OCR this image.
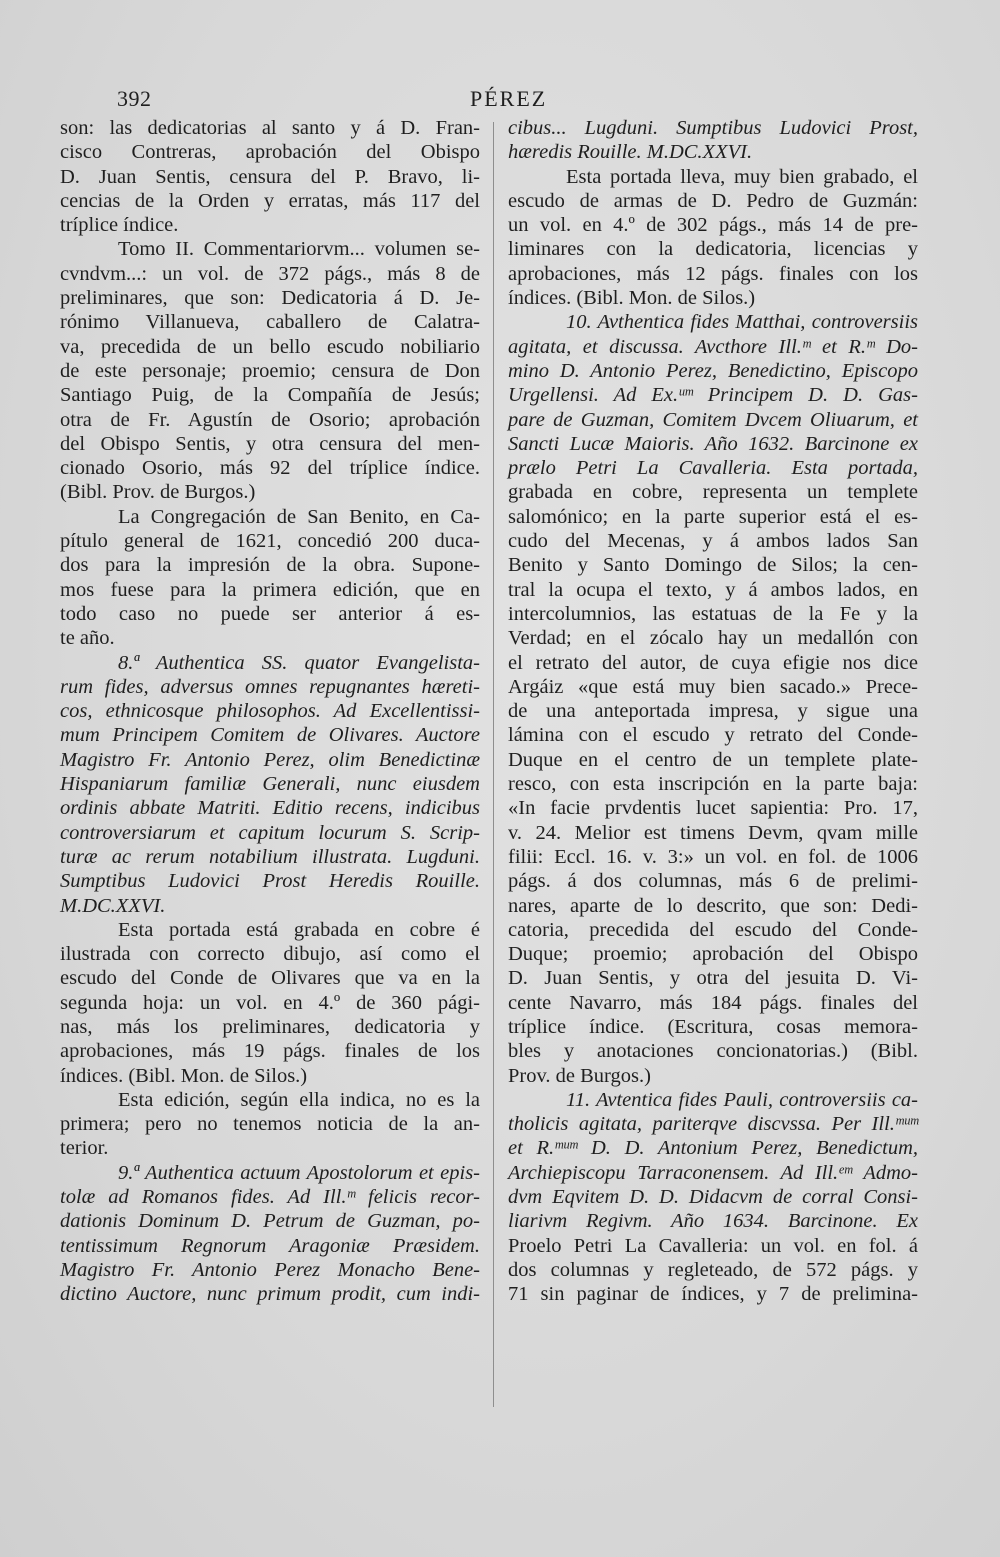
392	PÉREZ
son: las dedicatorias al santo y á D. Fran-
cisco Contreras, aprobación del Obispo
D. Juan Sentis, censura del P. Bravo, li-
cencias de la Orden y erratas, más 117 del
tríplice índice.
Tomo II. Commentariorvm... volumen se-
cvndvm...: un vol. de 372 págs., más 8 de
preliminares, que son: Dedicatoria á D. Je-
rónimo Villanueva, caballero de Calatra-
va, precedida de un bello escudo nobiliario
de este personaje; proemio; censura de Don
Santiago Puig, de la Compañía de Jesús;
otra de Fr. Agustín de Osorio; aprobación
del Obispo Sentis, y otra censura del men-
cionado Osorio, más 92 del tríplice índice.
(Bibl. Prov. de Burgos.)
La Congregación de San Benito, en Ca-
pítulo general de 1621, concedió 200 duca-
dos para la impresión de la obra. Supone-
mos fuese para la primera edición, que en
todo caso no puede ser anterior á es-
te año.
8.ª Authentica SS. quator Evangelista-
rum fides, adversus omnes repugnantes hæreti-
cos, ethnicosque philosophos. Ad Excellentissi-
mum Principem Comitem de Olivares. Auctore
Magistro Fr. Antonio Perez, olim Benedictinæ
Hispaniarum familiæ Generali, nunc eiusdem
ordinis abbate Matriti. Editio recens, indicibus
controversiarum et capitum locurum S. Scrip-
turæ ac rerum notabilium illustrata. Lugduni.
Sumptibus Ludovici Prost Heredis Rouille.
M.DC.XXVI.
Esta portada está grabada en cobre é
ilustrada con correcto dibujo, así como el
escudo del Conde de Olivares que va en la
segunda hoja: un vol. en 4.º de 360 pági-
nas, más los preliminares, dedicatoria y
aprobaciones, más 19 págs. finales de los
índices. (Bibl. Mon. de Silos.)
Esta edición, según ella indica, no es la
primera; pero no tenemos noticia de la an-
terior.
9.ª Authentica actuum Apostolorum et epis-
tolæ ad Romanos fides. Ad Ill.ᵐ felicis recor-
dationis Dominum D. Petrum de Guzman, po-
tentissimum Regnorum Aragoniæ Præsidem.
Magistro Fr. Antonio Perez Monacho Bene-
dictino Auctore, nunc primum prodit, cum indi-
cibus... Lugduni. Sumptibus Ludovici Prost,
hæredis Rouille. M.DC.XXVI.
Esta portada lleva, muy bien grabado, el
escudo de armas de D. Pedro de Guzmán:
un vol. en 4.º de 302 págs., más 14 de pre-
liminares con la dedicatoria, licencias y
aprobaciones, más 12 págs. finales con los
índices. (Bibl. Mon. de Silos.)
10. Avthentica fides Matthai, controversiis
agitata, et discussa. Avcthore Ill.ᵐ et R.ᵐ Do-
mino D. Antonio Perez, Benedictino, Episcopo
Urgellensi. Ad Ex.ᵘᵐ Principem D. D. Gas-
pare de Guzman, Comitem Dvcem Oliuarum, et
Sancti Lucæ Maioris. Año 1632. Barcinone ex
prælo Petri La Cavalleria. Esta portada,
grabada en cobre, representa un templete
salomónico; en la parte superior está el es-
cudo del Mecenas, y á ambos lados San
Benito y Santo Domingo de Silos; la cen-
tral la ocupa el texto, y á ambos lados, en
intercolumnios, las estatuas de la Fe y la
Verdad; en el zócalo hay un medallón con
el retrato del autor, de cuya efigie nos dice
Argáiz «que está muy bien sacado.» Prece-
de una anteportada impresa, y sigue una
lámina con el escudo y retrato del Conde-
Duque en el centro de un templete plate-
resco, con esta inscripción en la parte baja:
«In facie prvdentis lucet sapientia: Pro. 17,
v. 24. Melior est timens Devm, qvam mille
filii: Eccl. 16. v. 3:» un vol. en fol. de 1006
págs. á dos columnas, más 6 de prelimi-
nares, aparte de lo descrito, que son: Dedi-
catoria, precedida del escudo del Conde-
Duque; proemio; aprobación del Obispo
D. Juan Sentis, y otra del jesuita D. Vi-
cente Navarro, más 184 págs. finales del
tríplice índice. (Escritura, cosas memora-
bles y anotaciones concionatorias.) (Bibl.
Prov. de Burgos.)
11. Avtentica fides Pauli, controversiis ca-
tholicis agitata, pariterqve discvssa. Per Ill.ᵐᵘᵐ
et R.ᵐᵘᵐ D. D. Antonium Perez, Benedictum,
Archiepiscopu Tarraconensem. Ad Ill.ᵉᵐ Admo-
dvm Eqvitem D. D. Didacvm de corral Consi-
liarivm Regivm. Año 1634. Barcinone. Ex
Proelo Petri La Cavalleria: un vol. en fol. á
dos columnas y regleteado, de 572 págs. y
71 sin paginar de índices, y 7 de prelimina-
